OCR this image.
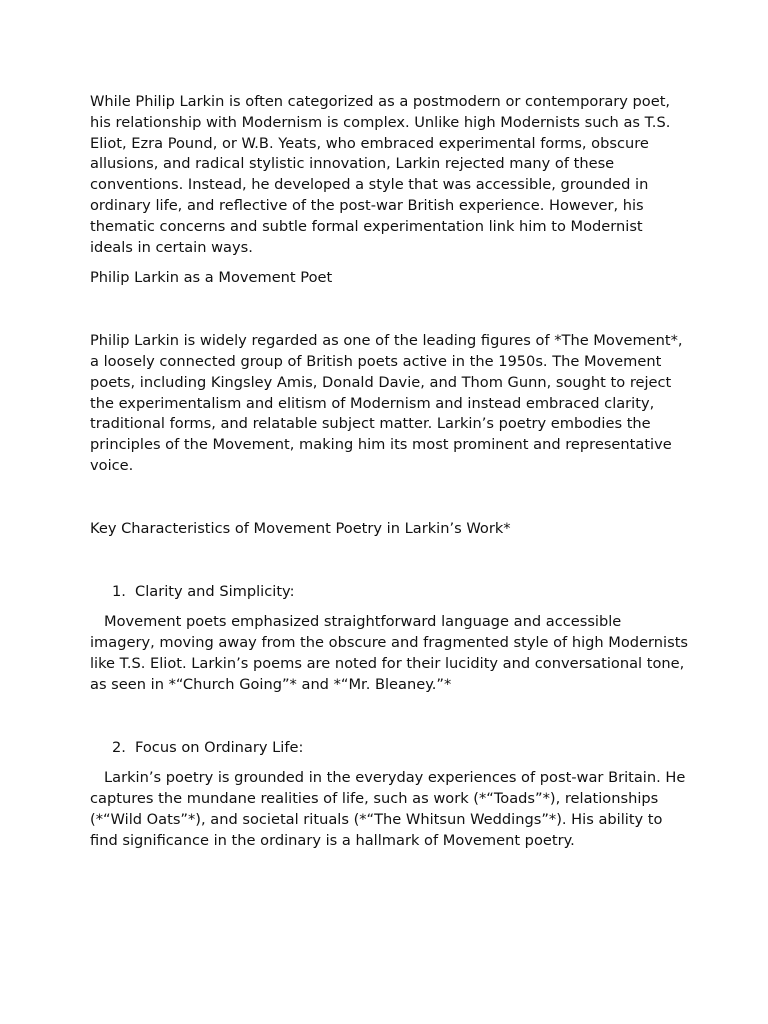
While Philip Larkin is often categorized as a postmodern or contemporary poet, his relationship with Modernism is complex. Unlike high Modernists such as T.S. Eliot, Ezra Pound, or W.B. Yeats, who embraced experimental forms, obscure allusions, and radical stylistic innovation, Larkin rejected many of these conventions. Instead, he developed a style that was accessible, grounded in ordinary life, and reflective of the post-war British experience. However, his thematic concerns and subtle formal experimentation link him to Modernist ideals in certain ways.

Philip Larkin as a Movement Poet

Philip Larkin is widely regarded as one of the leading figures of *The Movement*, a loosely connected group of British poets active in the 1950s. The Movement poets, including Kingsley Amis, Donald Davie, and Thom Gunn, sought to reject the experimentalism and elitism of Modernism and instead embraced clarity, traditional forms, and relatable subject matter. Larkin’s poetry embodies the principles of the Movement, making him its most prominent and representative voice.

Key Characteristics of Movement Poetry in Larkin’s Work*

1. Clarity and Simplicity:

Movement poets emphasized straightforward language and accessible imagery, moving away from the obscure and fragmented style of high Modernists like T.S. Eliot. Larkin’s poems are noted for their lucidity and conversational tone, as seen in *“Church Going”* and *“Mr. Bleaney.”*

2. Focus on Ordinary Life:

Larkin’s poetry is grounded in the everyday experiences of post-war Britain. He captures the mundane realities of life, such as work (*“Toads”*), relationships (*“Wild Oats”*), and societal rituals (*“The Whitsun Weddings”*). His ability to find significance in the ordinary is a hallmark of Movement poetry.
